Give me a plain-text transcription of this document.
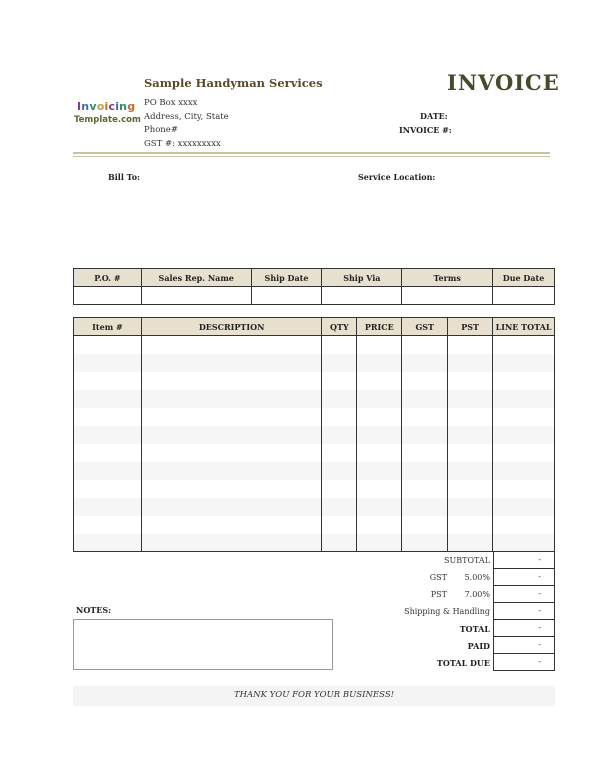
Sample Handyman Services
PO Box xxxx
Address, City, State
Phone#
GST #: xxxxxxxxx
Invoicing
Template.com
INVOICE
DATE:
INVOICE #:
Bill To:	Service Location:
P.O. #	Sales Rep. Name	Ship Date	Ship Via	Terms	Due Date

Item #	DESCRIPTION	QTY	PRICE	GST	PST	LINE TOTAL

SUBTOTAL	-
GST	5.00%	-
PST	7.00%	-
Shipping & Handling	-
TOTAL	-
PAID	-
TOTAL DUE	-
NOTES:
THANK YOU FOR YOUR BUSINESS!
